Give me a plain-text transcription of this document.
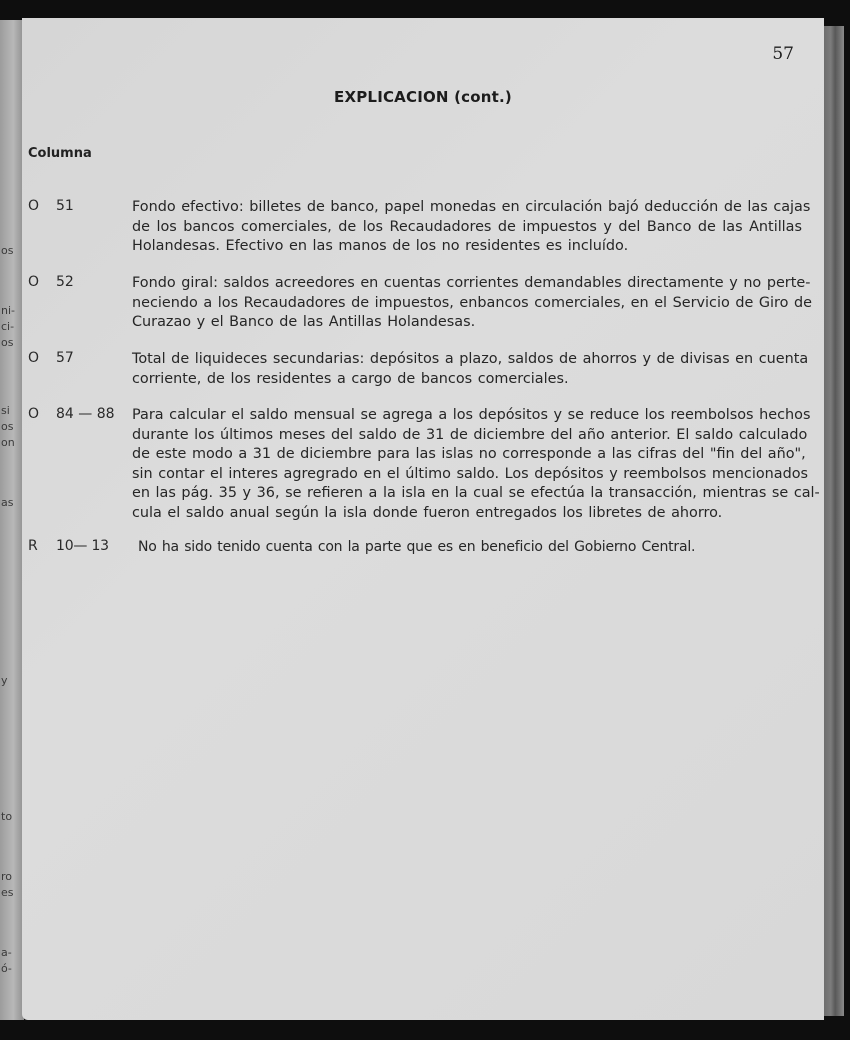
os
ni-
ci-
os
si
os
on
as
y
to
ro
es
a-
ó-
57
EXPLICACION (cont.)
Columna
O 51	Fondo efectivo: billetes de banco, papel monedas en circulación bajó deducción de las cajas
de los bancos comerciales, de los Recaudadores de impuestos y del Banco de las Antillas
Holandesas. Efectivo en las manos de los no residentes es incluído.
O 52	Fondo giral: saldos acreedores en cuentas corrientes demandables directamente y no perte-
neciendo a los Recaudadores de impuestos, enbancos comerciales, en el Servicio de Giro de
Curazao y el Banco de las Antillas Holandesas.
O 57	Total de liquideces secundarias: depósitos a plazo, saldos de ahorros y de divisas en cuenta
corriente, de los residentes a cargo de bancos comerciales.
O 84 — 88 Para calcular el saldo mensual se agrega a los depósitos y se reduce los reembolsos hechos
durante los últimos meses del saldo de 31 de diciembre del año anterior. El saldo calculado
de este modo a 31 de diciembre para las islas no corresponde a las cifras del "fin del año",
sin contar el interes agregrado en el último saldo. Los depósitos y reembolsos mencionados
en las pág. 35 y 36, se refieren a la isla en la cual se efectúa la transacción, mientras se cal-
cula el saldo anual según la isla donde fueron entregados los libretes de ahorro.
R 10— 13 No ha sido tenido cuenta con la parte que es en beneficio del Gobierno Central.
